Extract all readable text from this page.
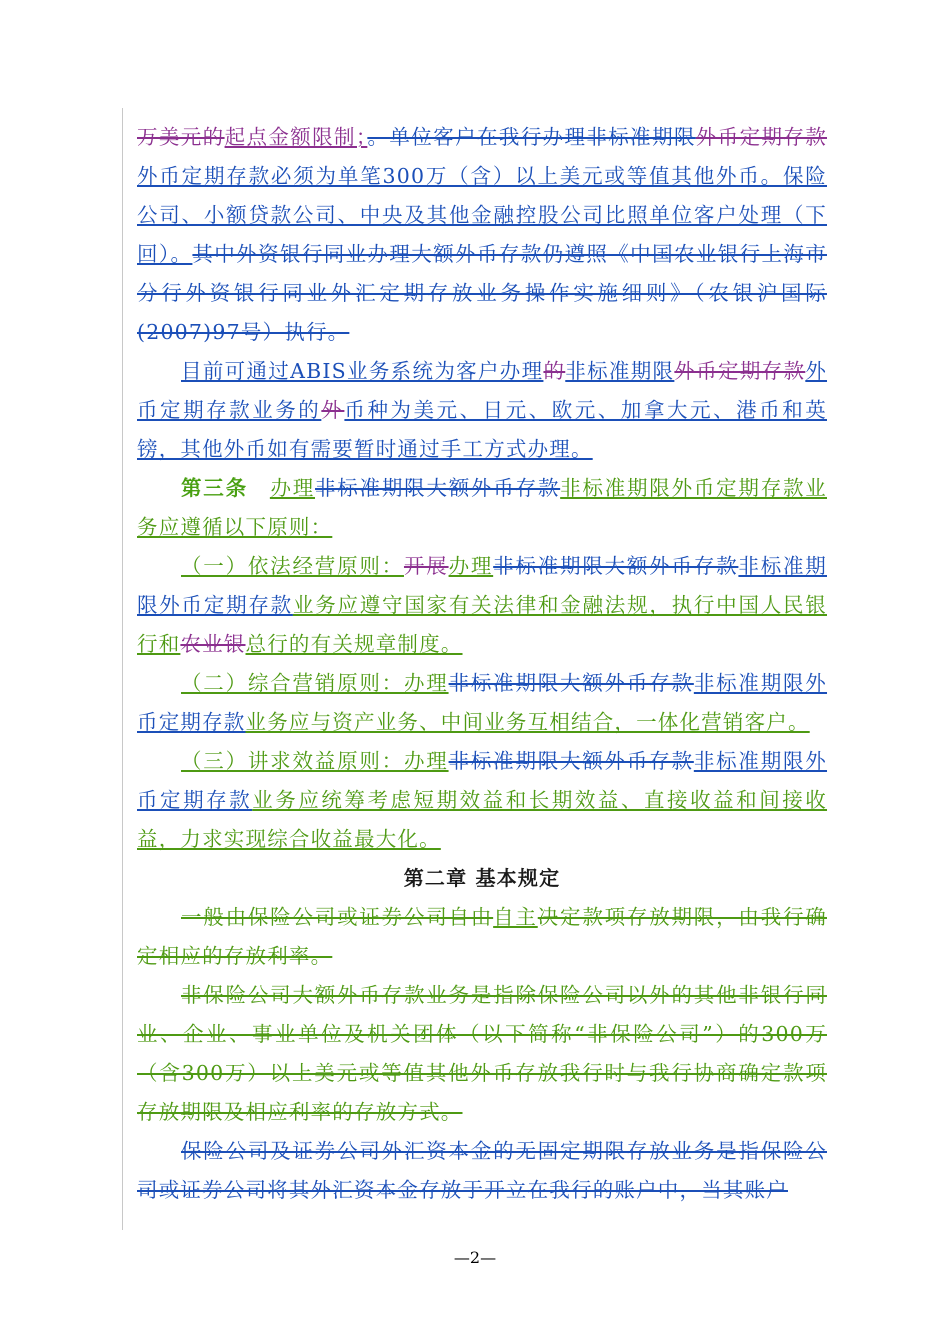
万美元的起点金额限制；。单位客户在我行办理非标准期限外币定期存款外币定期存款必须为单笔300万（含）以上美元或等值其他外币。保险公司、小额贷款公司、中央及其他金融控股公司比照单位客户处理（下回）。其中外资银行同业办理大额外币存款仍遵照《中国农业银行上海市分行外资银行同业外汇定期存放业务操作实施细则》（农银沪国际(2007)97号）执行。

目前可通过ABIS业务系统为客户办理的非标准期限外币定期存款外币定期存款业务的外币种为美元、日元、欧元、加拿大元、港币和英镑，其他外币如有需要暂时通过手工方式办理。

第三条 办理非标准期限大额外币存款非标准期限外币定期存款业务应遵循以下原则：

（一）依法经营原则：开展办理非标准期限大额外币存款非标准期限外币定期存款业务应遵守国家有关法律和金融法规，执行中国人民银行和农业银总行的有关规章制度。

（二）综合营销原则：办理非标准期限大额外币存款非标准期限外币定期存款业务应与资产业务、中间业务互相结合，一体化营销客户。

（三）讲求效益原则：办理非标准期限大额外币存款非标准期限外币定期存款业务应统筹考虑短期效益和长期效益、直接收益和间接收益，力求实现综合收益最大化。

第二章 基本规定

一般由保险公司或证券公司自由自主决定款项存放期限，由我行确定相应的存放利率。

非保险公司大额外币存款业务是指除保险公司以外的其他非银行同业、企业、事业单位及机关团体（以下简称“非保险公司”）的300万（含300万）以上美元或等值其他外币存放我行时与我行协商确定款项存放期限及相应利率的存放方式。

保险公司及证券公司外汇资本金的无固定期限存放业务是指保险公司或证券公司将其外汇资本金存放于开立在我行的账户中，当其账户

—2—
